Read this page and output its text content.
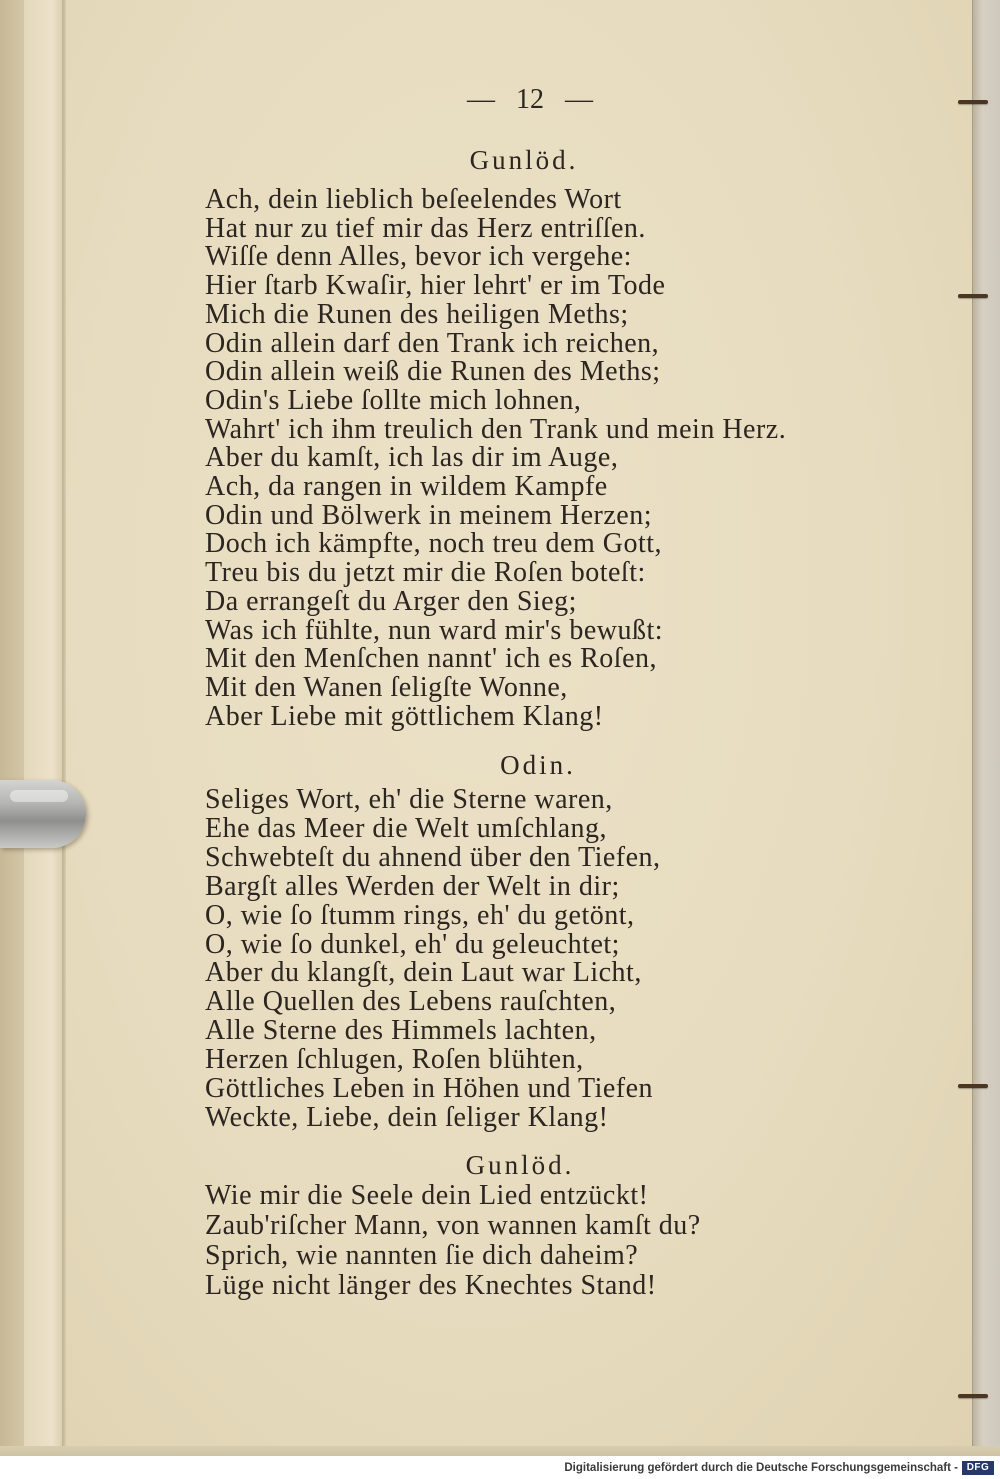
— 12 —
Gunlöd.
Ach, dein lieblich beſeelendes Wort
Hat nur zu tief mir das Herz entriſſen.
Wiſſe denn Alles, bevor ich vergehe:
Hier ſtarb Kwaſir, hier lehrt' er im Tode
Mich die Runen des heiligen Meths;
Odin allein darf den Trank ich reichen,
Odin allein weiß die Runen des Meths;
Odin's Liebe ſollte mich lohnen,
Wahrt' ich ihm treulich den Trank und mein Herz.
Aber du kamſt, ich las dir im Auge,
Ach, da rangen in wildem Kampfe
Odin und Bölwerk in meinem Herzen;
Doch ich kämpfte, noch treu dem Gott,
Treu bis du jetzt mir die Roſen boteſt:
Da errangeſt du Arger den Sieg;
Was ich fühlte, nun ward mir's bewußt:
Mit den Menſchen nannt' ich es Roſen,
Mit den Wanen ſeligſte Wonne,
Aber Liebe mit göttlichem Klang!
Odin.
Seliges Wort, eh' die Sterne waren,
Ehe das Meer die Welt umſchlang,
Schwebteſt du ahnend über den Tiefen,
Bargſt alles Werden der Welt in dir;
O, wie ſo ſtumm rings, eh' du getönt,
O, wie ſo dunkel, eh' du geleuchtet;
Aber du klangſt, dein Laut war Licht,
Alle Quellen des Lebens rauſchten,
Alle Sterne des Himmels lachten,
Herzen ſchlugen, Roſen blühten,
Göttliches Leben in Höhen und Tiefen
Weckte, Liebe, dein ſeliger Klang!
Gunlöd.
Wie mir die Seele dein Lied entzückt!
Zaub'riſcher Mann, von wannen kamſt du?
Sprich, wie nannten ſie dich daheim?
Lüge nicht länger des Knechtes Stand!
Digitalisierung gefördert durch die Deutsche Forschungsgemeinschaft - DFG
